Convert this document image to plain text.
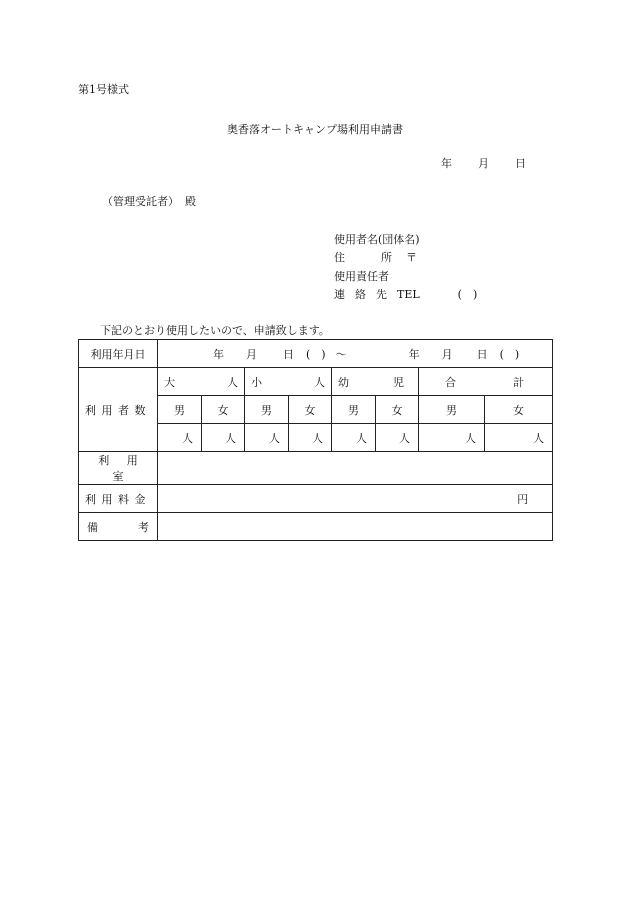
第1号様式
奥香落オートキャンプ場利用申請書
年 月 日
（管理受託者） 殿
使用者名(団体名)
住	所 〒
使用責任者
連 絡 先 TEL	(　)
下記のとおり使用したいので、申請致します。
利用年月日	年 月 日 (　) ～ 年 月 日 (　)							

利用者数	大 人		小 人		幼 児		合 計	

	男	女	男	女	男	女	男	女
	人	人	人	人	人	人	人	人
利用室								
利用料金	円							

備 考								
